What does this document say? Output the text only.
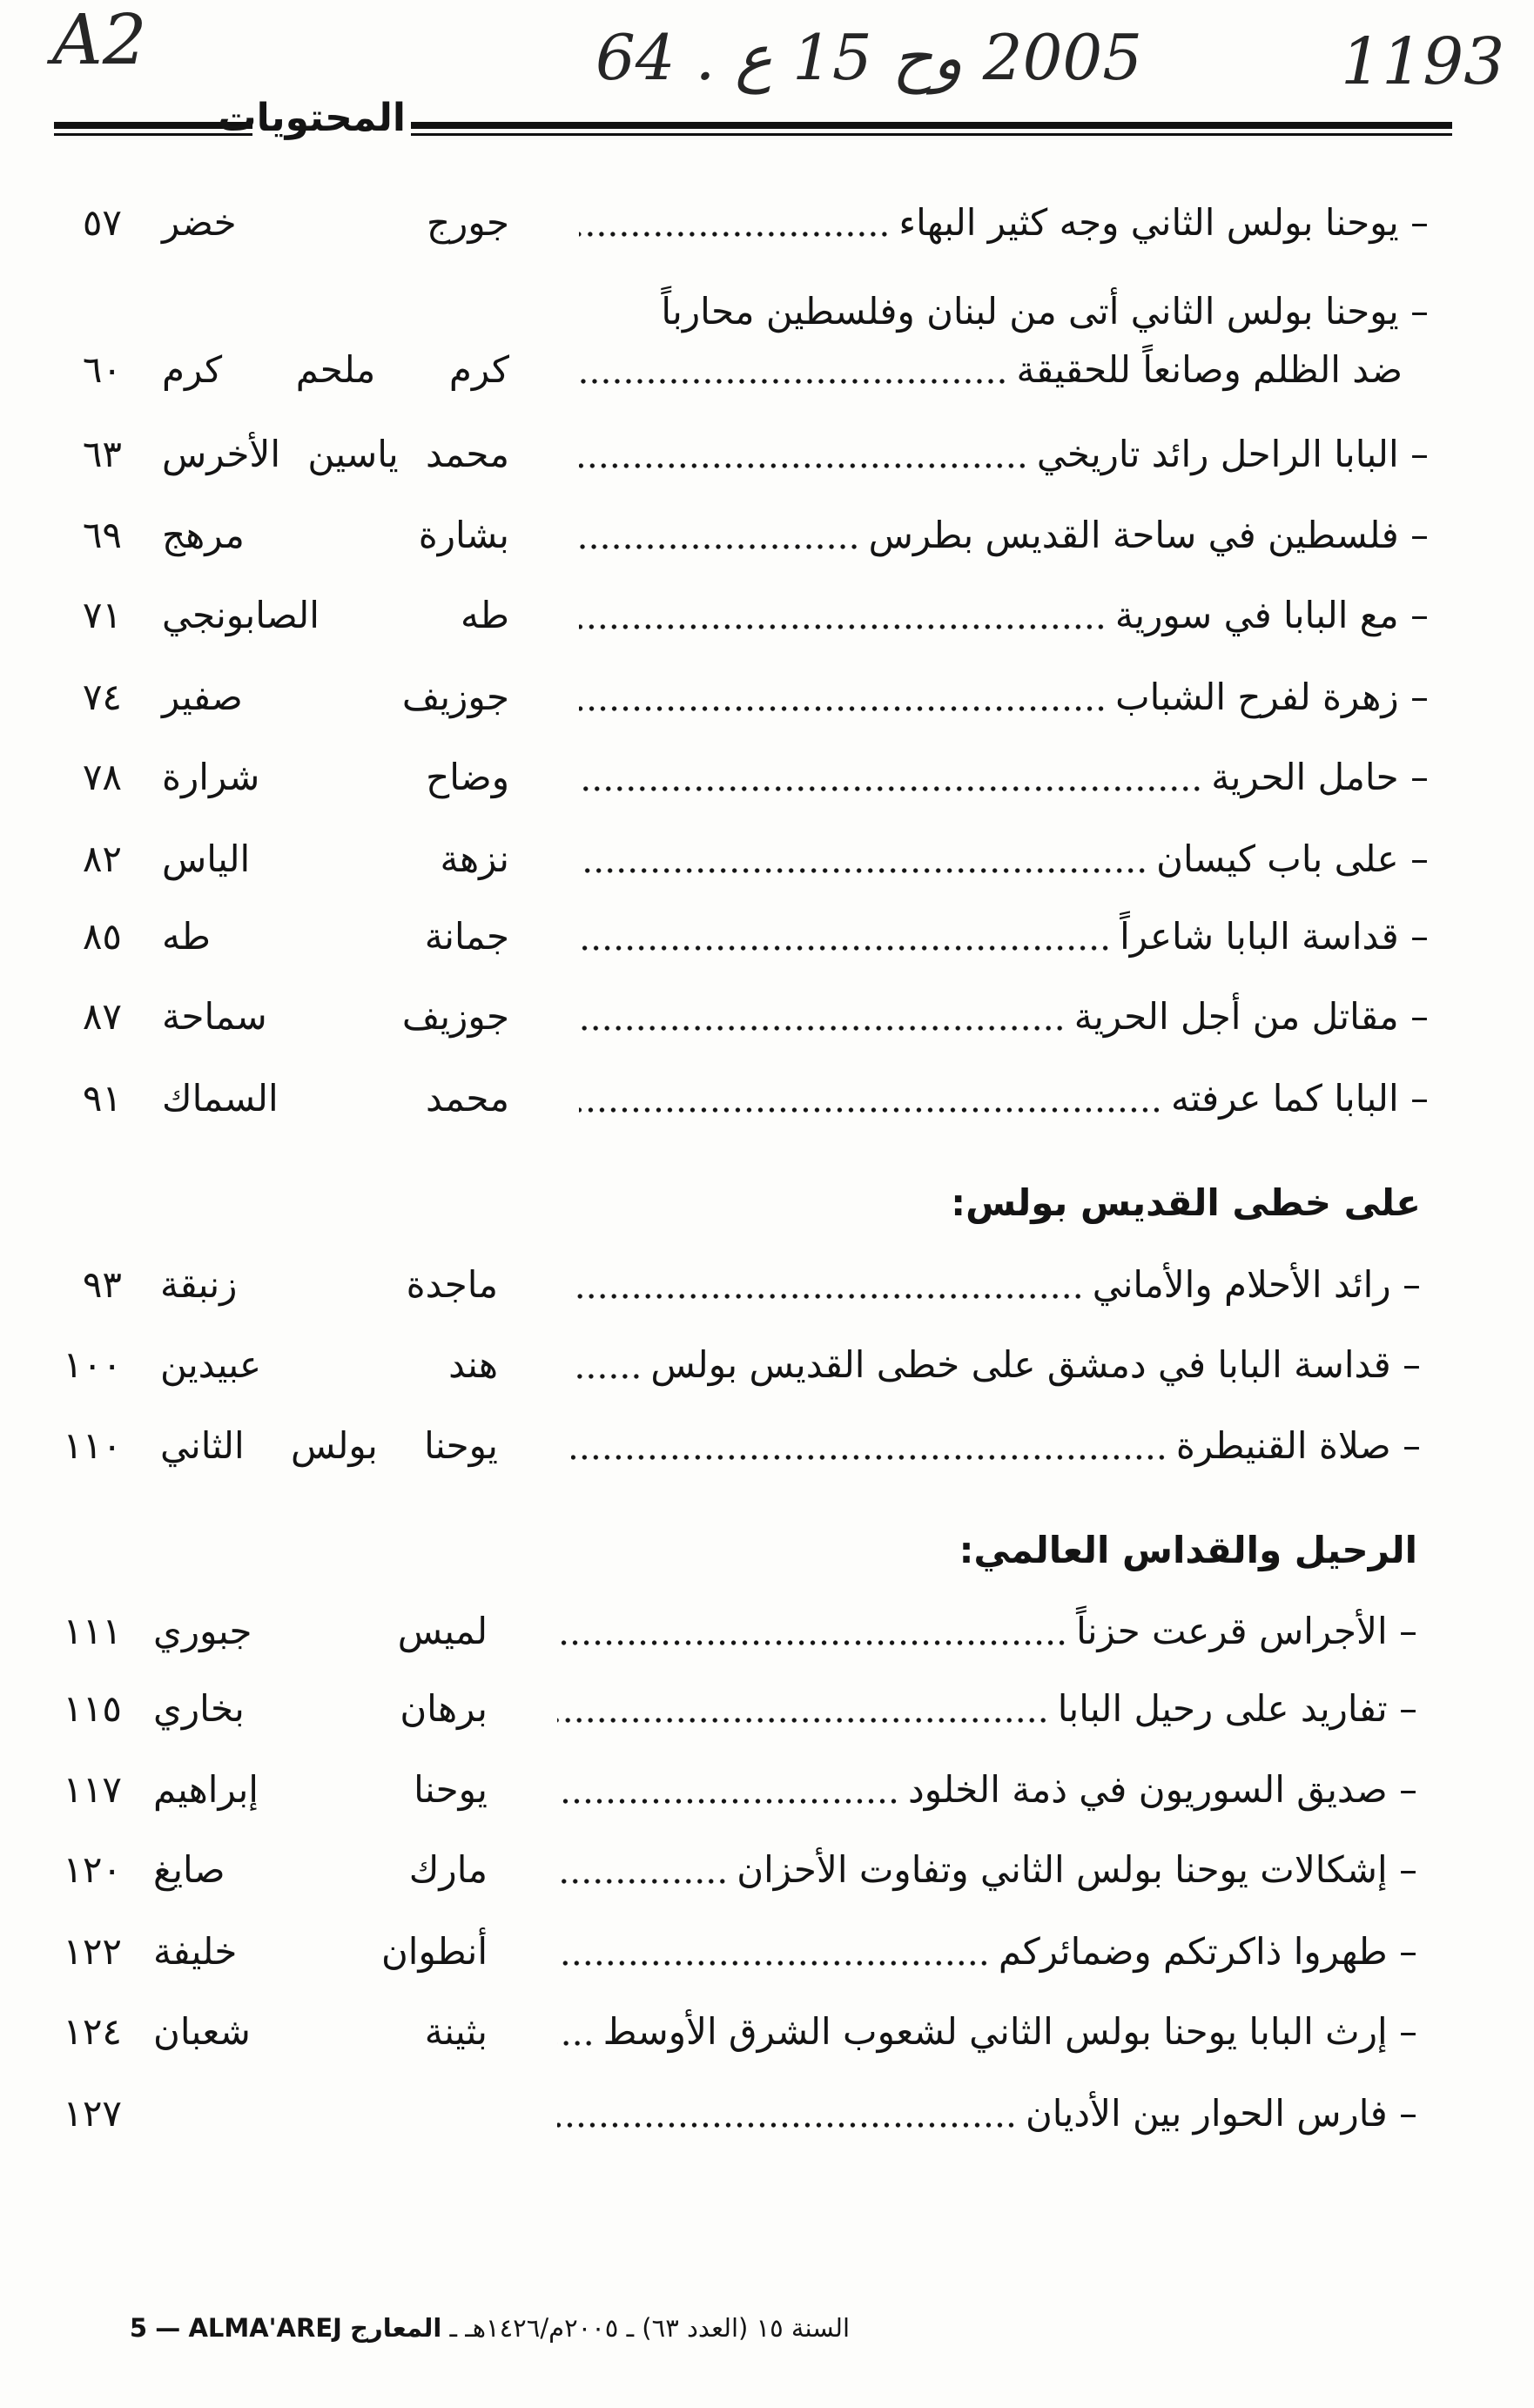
A2	64 . ع 15 حو 2005	1193
المحتويات
– يوحنا بولس الثاني وجه كثير البهاء
جورج خضر
٥٧
– يوحنا بولس الثاني أتى من لبنان وفلسطين محارباً
ضد الظلم وصانعاً للحقيقة
كرم ملحم كرم
٦٠
– البابا الراحل رائد تاريخي
محمد ياسين الأخرس
٦٣
– فلسطين في ساحة القديس بطرس
بشارة مرهج
٦٩
– مع البابا في سورية
طه الصابونجي
٧١
– زهرة لفرح الشباب
جوزيف صفير
٧٤
– حامل الحرية
وضاح شرارة
٧٨
– على باب كيسان
نزهة الياس
٨٢
– قداسة البابا شاعراً
جمانة طه
٨٥
– مقاتل من أجل الحرية
جوزيف سماحة
٨٧
– البابا كما عرفته
محمد السماك
٩١
على خطى القديس بولس:
– رائد الأحلام والأماني
ماجدة زنبقة
٩٣
– قداسة البابا في دمشق على خطى القديس بولس
هند عبيدين
١٠٠
– صلاة القنيطرة
يوحنا بولس الثاني
١١٠
الرحيل والقداس العالمي:
– الأجراس قرعت حزناً
لميس جبوري
١١١
– تفاريد على رحيل البابا
برهان بخاري
١١٥
– صديق السوريون في ذمة الخلود
يوحنا إبراهيم
١١٧
– إشكالات يوحنا بولس الثاني وتفاوت الأحزان
مارك صايغ
١٢٠
– طهروا ذاكرتكم وضمائركم
أنطوان خليفة
١٢٢
– إرث البابا يوحنا بولس الثاني لشعوب الشرق الأوسط
بثينة شعبان
١٢٤
– فارس الحوار بين الأديان
١٢٧
السنة ١٥ (العدد ٦٣) ـ ٢٠٠٥م/١٤٢٦هـ ـ المعارج ALMA'AREJ — 5
